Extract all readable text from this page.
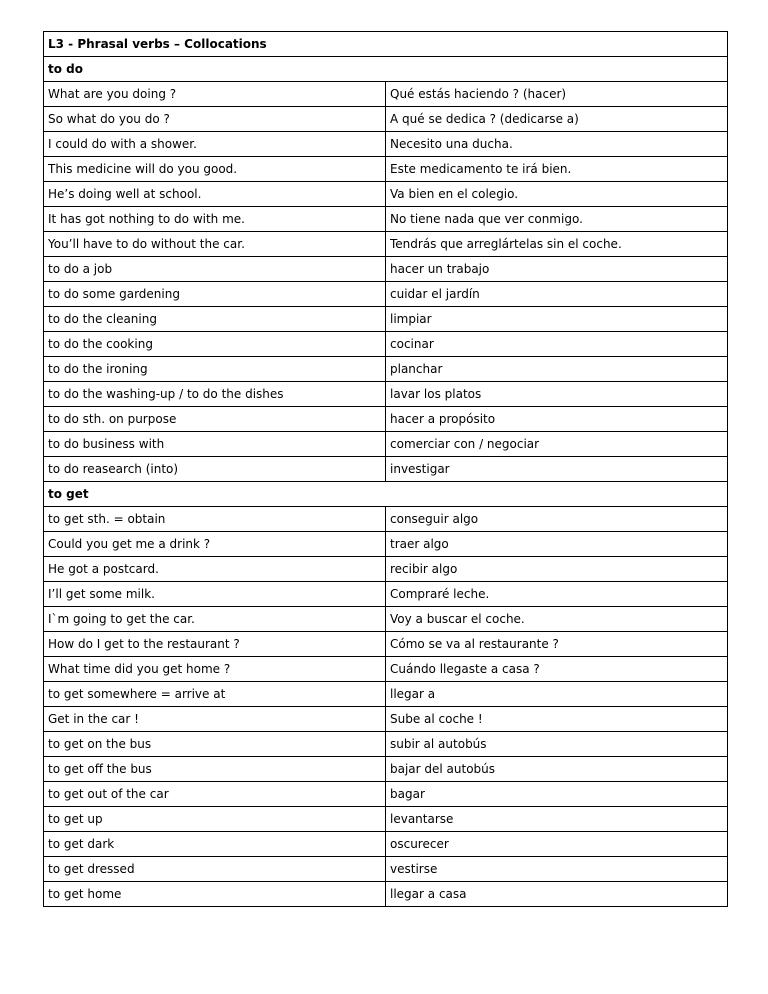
L3 - Phrasal verbs – Collocations	
to do	
What are you doing ?	Qué estás haciendo ? (hacer)
So what do you do ?	A qué se dedica ? (dedicarse a)
I could do with a shower.	Necesito una ducha.
This medicine will do you good.	Este medicamento te irá bien.
He’s doing well at school.	Va bien en el colegio.
It has got nothing to do with me.	No tiene nada que ver conmigo.
You’ll have to do without the car.	Tendrás que arreglártelas sin el coche.
to do a job	hacer un trabajo
to do some gardening	cuidar el jardín
to do the cleaning	limpiar
to do the cooking	cocinar
to do the ironing	planchar
to do the washing-up / to do the dishes	lavar los platos
to do sth. on purpose	hacer a propósito
to do business with	comerciar con / negociar
to do reasearch (into)	investigar
to get	
to get sth. = obtain	conseguir algo
Could you get me a drink ?	traer algo
He got a postcard.	recibir algo
I’ll get some milk.	Compraré leche.
I`m going to get the car.	Voy a buscar el coche.
How do I get to the restaurant ?	Cómo se va al restaurante ?
What time did you get home ?	Cuándo llegaste a casa ?
to get somewhere = arrive at	llegar a
Get in the car !	Sube al coche !
to get on the bus	subir al autobús
to get off the bus	bajar del autobús
to get out of the car	bagar
to get up	levantarse
to get dark	oscurecer
to get dressed	vestirse
to get home	llegar a casa
